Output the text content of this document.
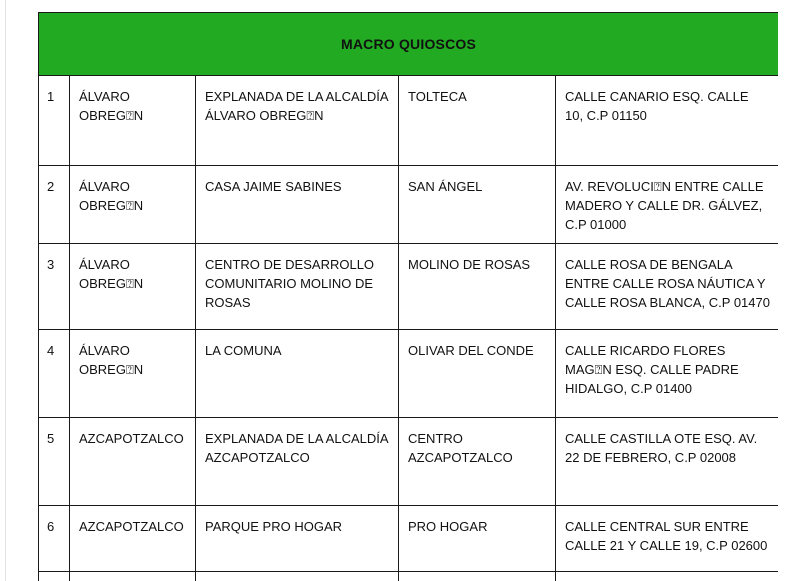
MACRO QUIOSCOS				
1	ÁLVARO OBREG⍰N	EXPLANADA DE LA ALCALDÍA ÁLVARO OBREG⍰N	TOLTECA	CALLE CANARIO ESQ. CALLE 10, C.P 01150
2	ÁLVARO OBREG⍰N	CASA JAIME SABINES	SAN ÁNGEL	AV. REVOLUCI⍰N ENTRE CALLE MADERO Y CALLE DR. GÁLVEZ, C.P 01000
3	ÁLVARO OBREG⍰N	CENTRO DE DESARROLLO COMUNITARIO MOLINO DE ROSAS	MOLINO DE ROSAS	CALLE ROSA DE BENGALA ENTRE CALLE ROSA NÁUTICA Y CALLE ROSA BLANCA, C.P 01470
4	ÁLVARO OBREG⍰N	LA COMUNA	OLIVAR DEL CONDE	CALLE RICARDO FLORES MAG⍰N ESQ. CALLE PADRE HIDALGO, C.P 01400
5	AZCAPOTZALCO	EXPLANADA DE LA ALCALDÍA AZCAPOTZALCO	CENTRO AZCAPOTZALCO	CALLE CASTILLA OTE ESQ. AV. 22 DE FEBRERO, C.P 02008
6	AZCAPOTZALCO	PARQUE PRO HOGAR	PRO HOGAR	CALLE CENTRAL SUR ENTRE CALLE 21 Y CALLE 19, C.P 02600
